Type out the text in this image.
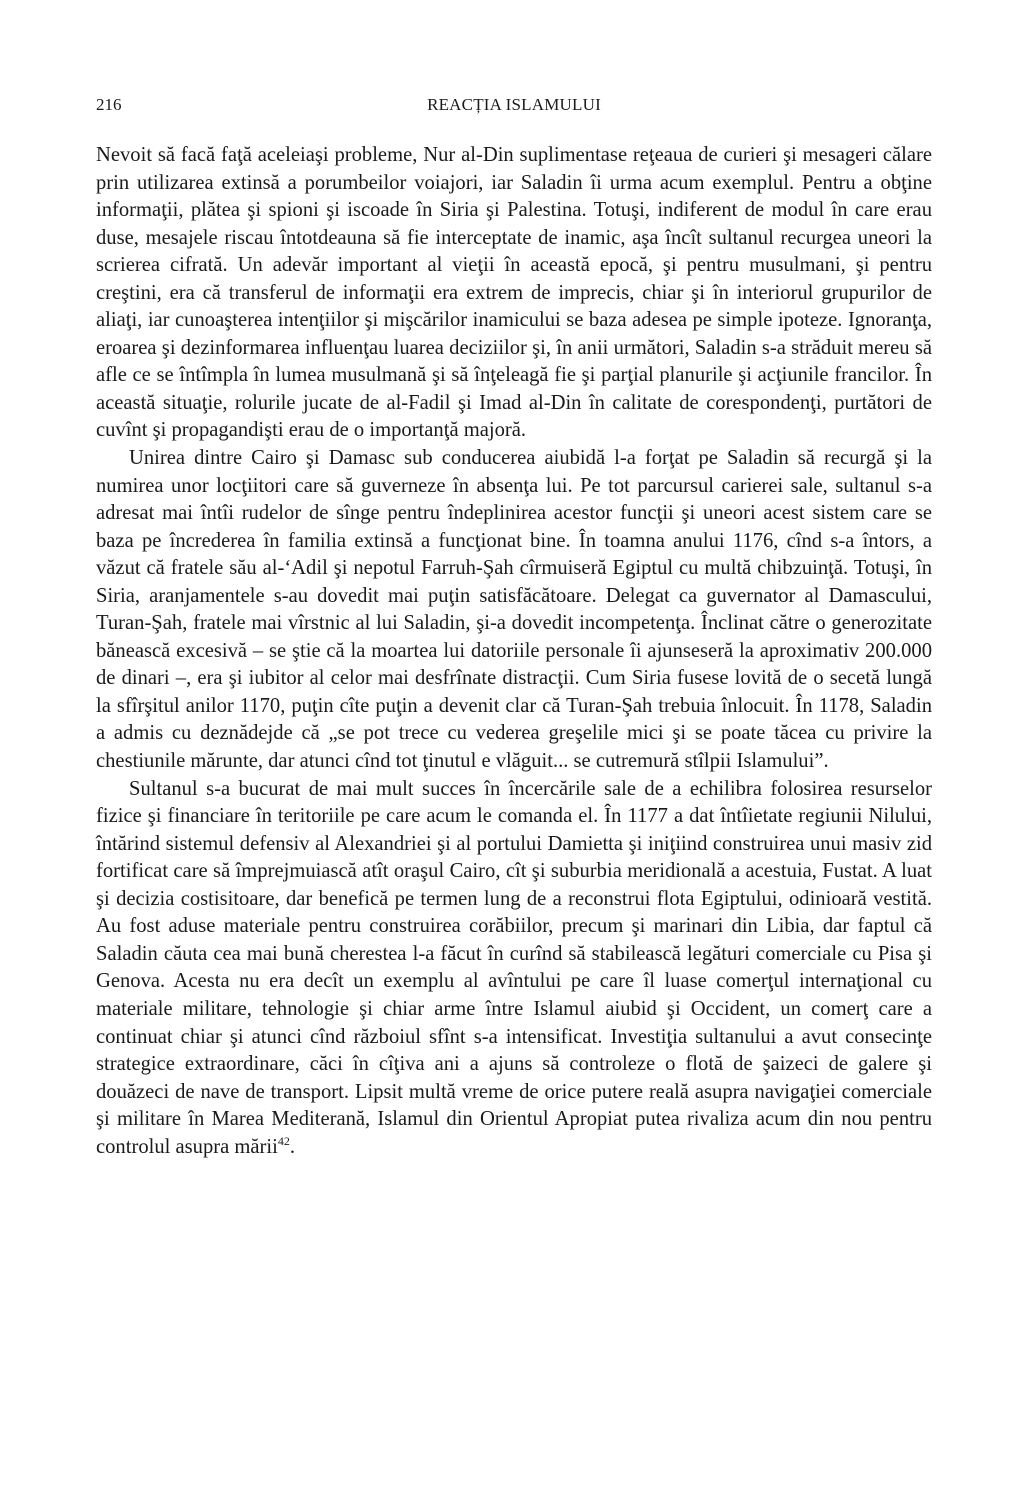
216	REACȚIA ISLAMULUI

Nevoit să facă faţă aceleiaşi probleme, Nur al-Din suplimentase reţeaua de curieri şi mesageri călare prin utilizarea extinsă a porumbeilor voiajori, iar Saladin îi urma acum exemplul. Pentru a obţine informaţii, plătea şi spioni şi iscoade în Siria şi Palestina. Totuşi, indiferent de modul în care erau duse, mesajele riscau întotdeauna să fie interceptate de inamic, aşa încît sultanul recurgea uneori la scrierea cifrată. Un adevăr important al vieţii în această epocă, şi pentru musulmani, şi pentru creştini, era că transferul de informaţii era extrem de imprecis, chiar şi în interiorul grupurilor de aliaţi, iar cunoaşterea intenţiilor şi mişcărilor inamicului se baza adesea pe simple ipoteze. Ignoranţa, eroarea şi dezinformarea influenţau luarea deciziilor şi, în anii următori, Saladin s-a străduit mereu să afle ce se întîmpla în lumea musulmană şi să înţeleagă fie şi parţial planurile şi acţiunile francilor. În această situaţie, rolurile jucate de al-Fadil şi Imad al-Din în calitate de corespondenţi, purtători de cuvînt şi propagandişti erau de o importanţă majoră.

Unirea dintre Cairo şi Damasc sub conducerea aiubidă l-a forţat pe Saladin să recurgă şi la numirea unor locţiitori care să guverneze în absenţa lui. Pe tot parcursul carierei sale, sultanul s-a adresat mai întîi rudelor de sînge pentru îndeplinirea acestor funcţii şi uneori acest sistem care se baza pe încrederea în familia extinsă a funcţionat bine. În toamna anului 1176, cînd s-a întors, a văzut că fratele său al-‘Adil şi nepotul Farruh-Şah cîrmuiseră Egiptul cu multă chibzuinţă. Totuşi, în Siria, aranjamentele s-au dovedit mai puţin satisfăcătoare. Delegat ca guvernator al Damascului, Turan-Şah, fratele mai vîrstnic al lui Saladin, şi-a dovedit incompetenţa. Înclinat către o generozitate bănească excesivă – se ştie că la moartea lui datoriile personale îi ajunseseră la aproximativ 200.000 de dinari –, era şi iubitor al celor mai desfrînate distracţii. Cum Siria fusese lovită de o secetă lungă la sfîrşitul anilor 1170, puţin cîte puţin a devenit clar că Turan-Şah trebuia înlocuit. În 1178, Saladin a admis cu deznădejde că „se pot trece cu vederea greşelile mici şi se poate tăcea cu privire la chestiunile mărunte, dar atunci cînd tot ţinutul e vlăguit... se cutremură stîlpii Islamului”.

Sultanul s-a bucurat de mai mult succes în încercările sale de a echilibra folosirea resurselor fizice şi financiare în teritoriile pe care acum le comanda el. În 1177 a dat întîietate regiunii Nilului, întărind sistemul defensiv al Alexandriei şi al portului Damietta şi iniţiind construirea unui masiv zid fortificat care să împrejmuiască atît oraşul Cairo, cît şi suburbia meridională a acestuia, Fustat. A luat şi decizia costisitoare, dar benefică pe termen lung de a reconstrui flota Egiptului, odinioară vestită. Au fost aduse materiale pentru construirea corăbiilor, precum şi marinari din Libia, dar faptul că Saladin căuta cea mai bună cherestea l-a făcut în curînd să stabilească legături comerciale cu Pisa şi Genova. Acesta nu era decît un exemplu al avîntului pe care îl luase comerţul internaţional cu materiale militare, tehnologie şi chiar arme între Islamul aiubid şi Occident, un comerţ care a continuat chiar şi atunci cînd războiul sfînt s-a intensificat. Investiţia sultanului a avut consecinţe strategice extraordinare, căci în cîţiva ani a ajuns să controleze o flotă de şaizeci de galere şi douăzeci de nave de transport. Lipsit multă vreme de orice putere reală asupra navigaţiei comerciale şi militare în Marea Mediterană, Islamul din Orientul Apropiat putea rivaliza acum din nou pentru controlul asupra mării$^{42}$.
